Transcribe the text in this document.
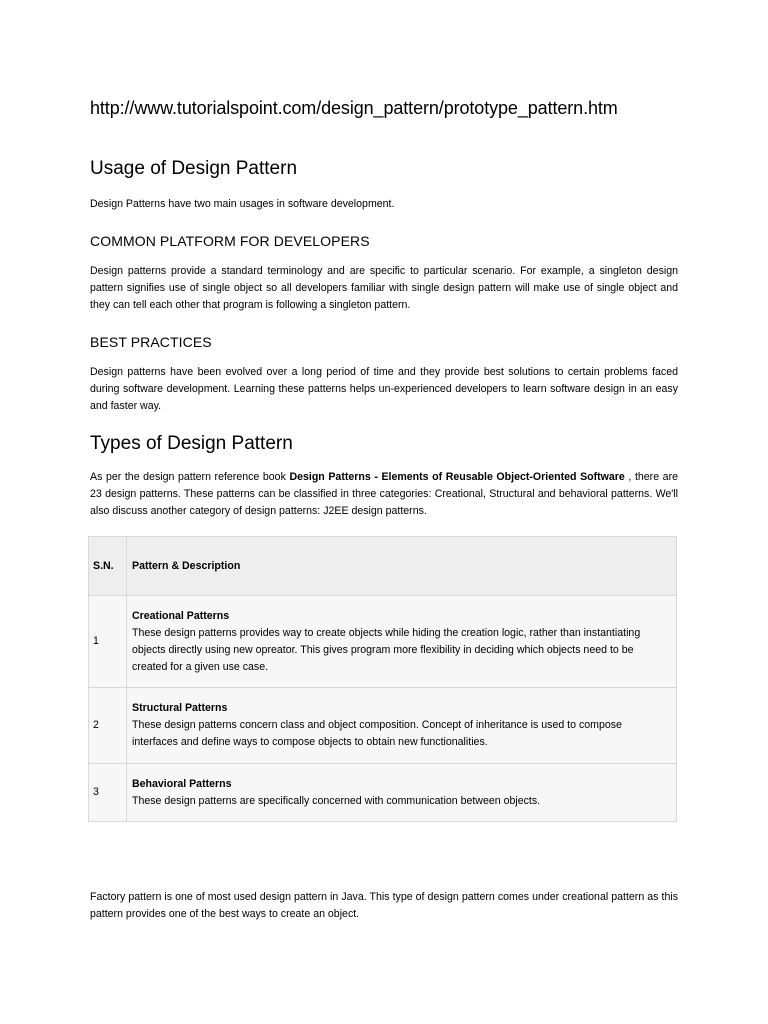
http://www.tutorialspoint.com/design_pattern/prototype_pattern.htm
Usage of Design Pattern

Design Patterns have two main usages in software development.

COMMON PLATFORM FOR DEVELOPERS

Design patterns provide a standard terminology and are specific to particular scenario. For example, a singleton design pattern signifies use of single object so all developers familiar with single design pattern will make use of single object and they can tell each other that program is following a singleton pattern.

BEST PRACTICES

Design patterns have been evolved over a long period of time and they provide best solutions to certain problems faced during software development. Learning these patterns helps un-experienced developers to learn software design in an easy and faster way.

Types of Design Pattern

As per the design pattern reference book Design Patterns - Elements of Reusable Object-Oriented Software , there are 23 design patterns. These patterns can be classified in three categories: Creational, Structural and behavioral patterns. We'll also discuss another category of design patterns: J2EE design patterns.

S.N.	Pattern & Description
1	Creational Patterns
These design patterns provides way to create objects while hiding the creation logic, rather than instantiating objects directly using new opreator. This gives program more flexibility in deciding which objects need to be created for a given use case.

2	Structural Patterns
These design patterns concern class and object composition. Concept of inheritance is used to compose interfaces and define ways to compose objects to obtain new functionalities.

3	Behavioral Patterns
These design patterns are specifically concerned with communication between objects.

Factory pattern is one of most used design pattern in Java. This type of design pattern comes under creational pattern as this pattern provides one of the best ways to create an object.
